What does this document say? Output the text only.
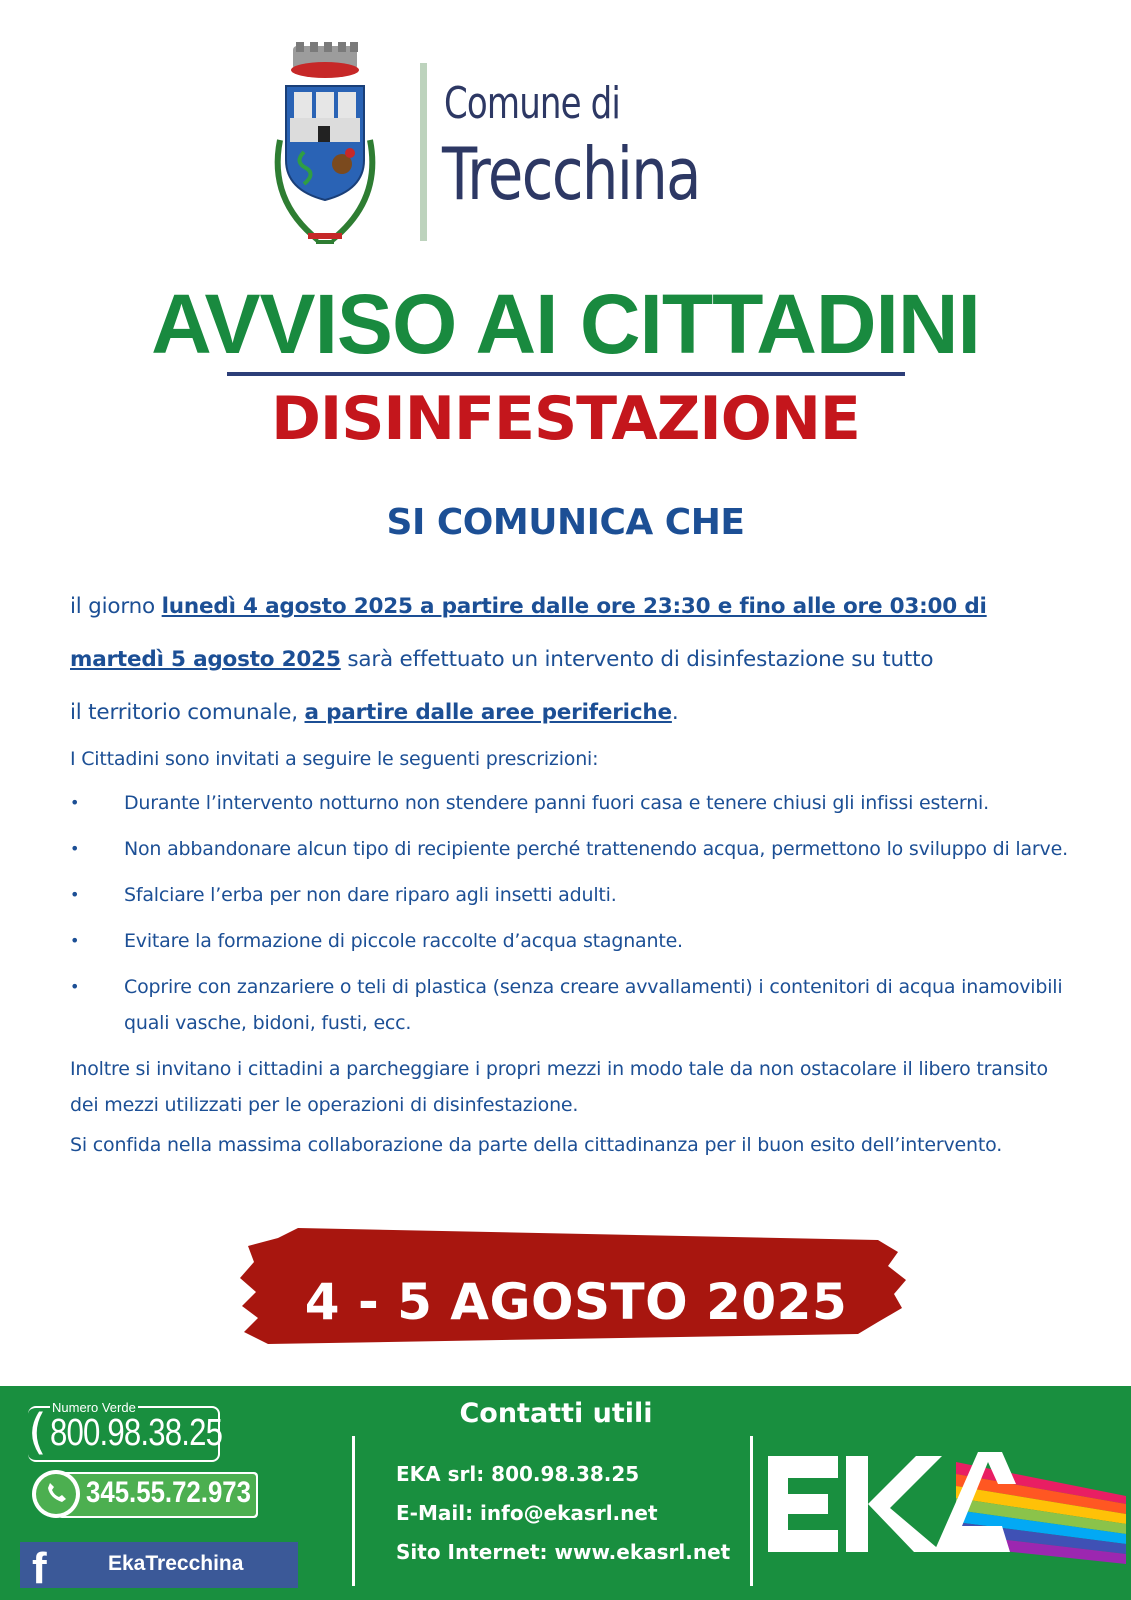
Comune di
Trecchina
AVVISO AI CITTADINI
DISINFESTAZIONE
SI COMUNICA CHE
il giorno lunedì 4 agosto 2025 a partire dalle ore 23:30 e fino alle ore 03:00 di
martedì 5 agosto 2025 sarà effettuato un intervento di disinfestazione su tutto
il territorio comunale, a partire dalle aree periferiche.
I Cittadini sono invitati a seguire le seguenti prescrizioni:
• Durante l’intervento notturno non stendere panni fuori casa e tenere chiusi gli infissi esterni.
• Non abbandonare alcun tipo di recipiente perché trattenendo acqua, permettono lo sviluppo di larve.
• Sfalciare l’erba per non dare riparo agli insetti adulti.
• Evitare la formazione di piccole raccolte d’acqua stagnante.
• Coprire con zanzariere o teli di plastica (senza creare avvallamenti) i contenitori di acqua inamovibili quali vasche, bidoni, fusti, ecc.
Inoltre si invitano i cittadini a parcheggiare i propri mezzi in modo tale da non ostacolare il libero transito dei mezzi utilizzati per le operazioni di disinfestazione.
Si confida nella massima collaborazione da parte della cittadinanza per il buon esito dell’intervento.
4 - 5 AGOSTO 2025
( Numero Verde
800.98.38.25
345.55.72.973
f	EkaTrecchina
Contatti utili
EKA srl: 800.98.38.25
E-Mail: info@ekasrl.net
Sito Internet: www.ekasrl.net
